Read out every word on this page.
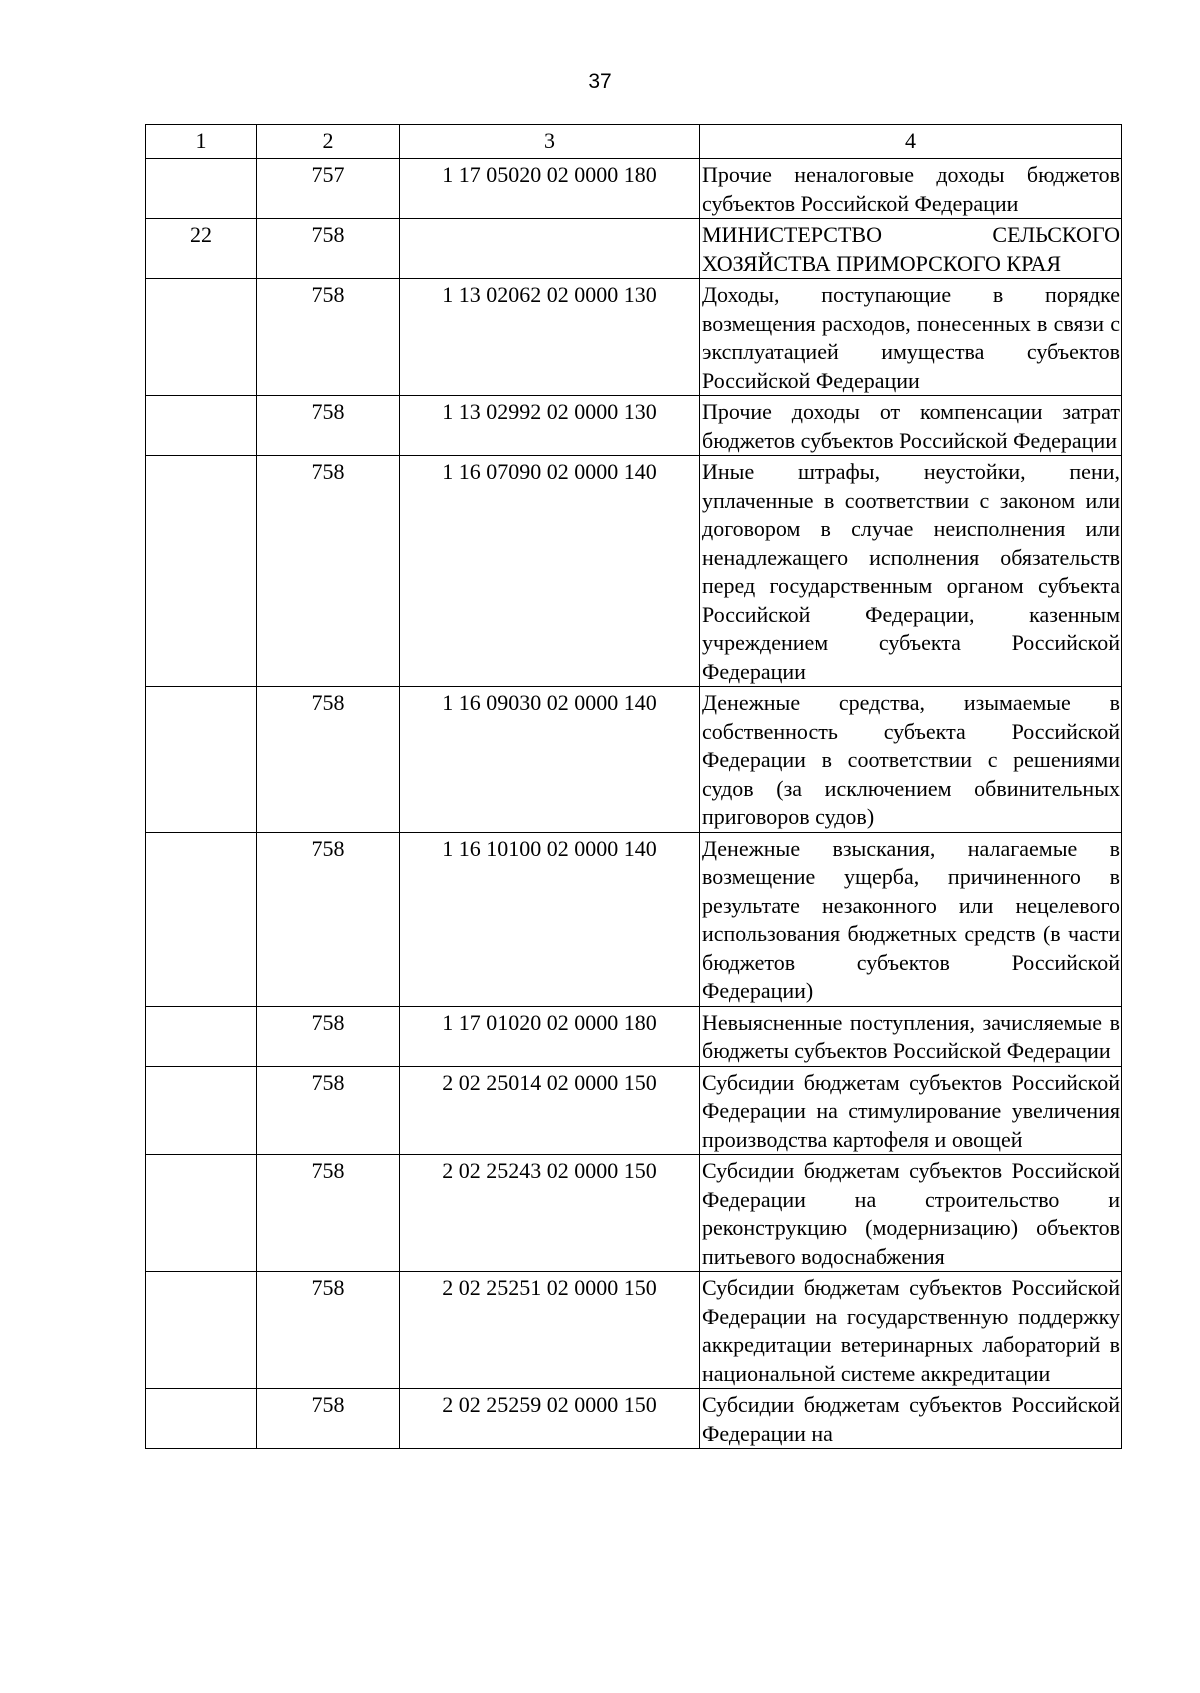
37
1	2	3	4
	757	1 17 05020 02 0000 180	Прочие неналоговые доходы бюджетов субъектов Российской Федерации
22	758		МИНИСТЕРСТВО СЕЛЬСКОГО ХОЗЯЙСТВА ПРИМОРСКОГО КРАЯ
	758	1 13 02062 02 0000 130	Доходы, поступающие в порядке возмещения расходов, понесенных в связи с эксплуатацией имущества субъектов Российской Федерации
	758	1 13 02992 02 0000 130	Прочие доходы от компенсации затрат бюджетов субъектов Российской Федерации
	758	1 16 07090 02 0000 140	Иные штрафы, неустойки, пени, уплаченные в соответствии с законом или договором в случае неисполнения или ненадлежащего исполнения обязательств перед государственным органом субъекта Российской Федерации, казенным учреждением субъекта Российской Федерации
	758	1 16 09030 02 0000 140	Денежные средства, изымаемые в собственность субъекта Российской Федерации в соответствии с решениями судов (за исключением обвинительных приговоров судов)
	758	1 16 10100 02 0000 140	Денежные взыскания, налагаемые в возмещение ущерба, причиненного в результате незаконного или нецелевого использования бюджетных средств (в части бюджетов субъектов Российской Федерации)
	758	1 17 01020 02 0000 180	Невыясненные поступления, зачисляемые в бюджеты субъектов Российской Федерации
	758	2 02 25014 02 0000 150	Субсидии бюджетам субъектов Российской Федерации на стимулирование увеличения производства картофеля и овощей
	758	2 02 25243 02 0000 150	Субсидии бюджетам субъектов Российской Федерации на строительство и реконструкцию (модернизацию) объектов питьевого водоснабжения
	758	2 02 25251 02 0000 150	Субсидии бюджетам субъектов Российской Федерации на государственную поддержку аккредитации ветеринарных лабораторий в национальной системе аккредитации
	758	2 02 25259 02 0000 150	Субсидии бюджетам субъектов Российской Федерации на
